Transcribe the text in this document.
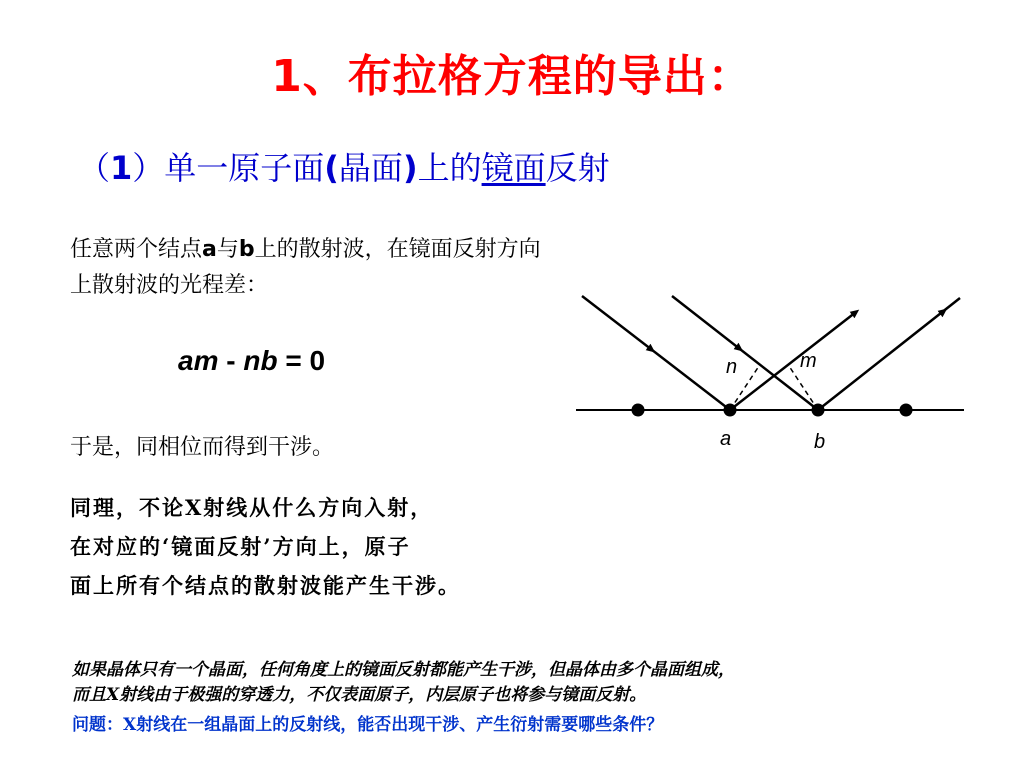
1、布拉格方程的导出：
（1）单一原子面(晶面)上的镜面反射
任意两个结点a与b上的散射波，在镜面反射方向上散射波的光程差：
am - nb = 0
于是，同相位而得到干涉。
同理，不论X射线从什么方向入射，
在对应的‘镜面反射’方向上，原子
面上所有个结点的散射波能产生干涉。
如果晶体只有一个晶面，任何角度上的镜面反射都能产生干涉，但晶体由多个晶面组成，
而且X射线由于极强的穿透力，不仅表面原子，内层原子也将参与镜面反射。
问题：X射线在一组晶面上的反射线，能否出现干涉、产生衍射需要哪些条件？
n	m
a	b
